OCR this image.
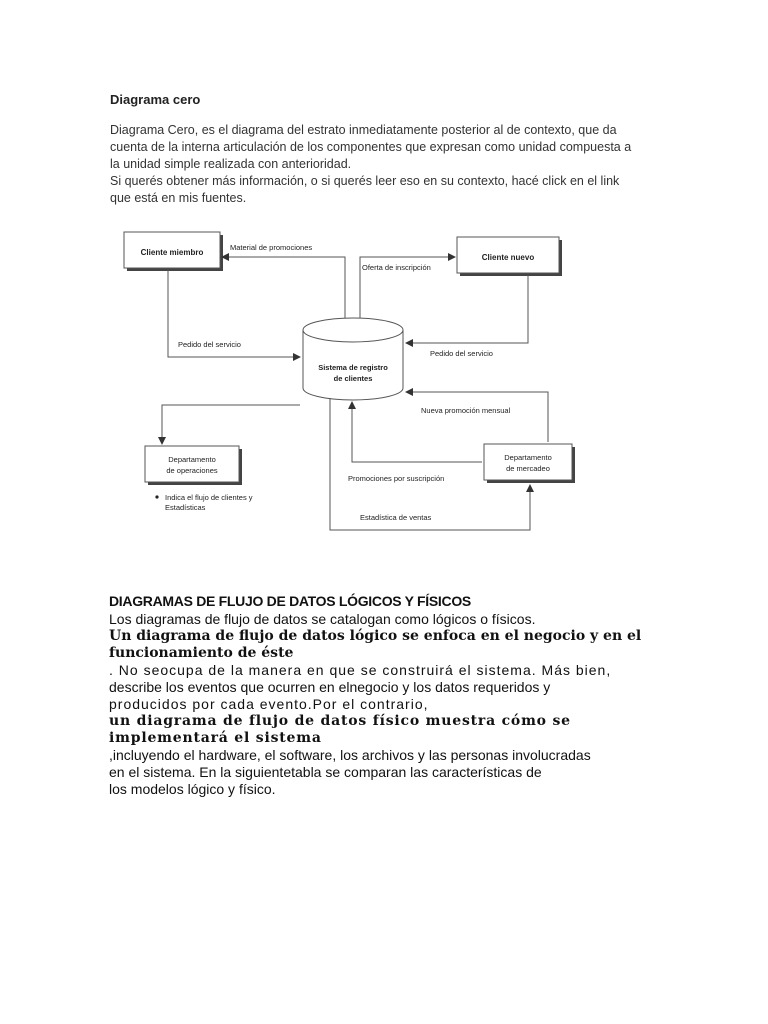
Diagrama cero

Diagrama Cero, es el diagrama del estrato inmediatamente posterior al de contexto, que da

cuenta de la interna articulación de los componentes que expresan como unidad compuesta a

la unidad simple realizada con anterioridad.

Si querés obtener más información, o si querés leer eso en su contexto, hacé click en el link

que está en mis fuentes.

Cliente miembro
Cliente nuevo
Departamento
de operaciones
Departamento
de mercadeo
Sistema de registro
de clientes
Material de promociones
Oferta de inscripción
Pedido del servicio
Pedido del servicio
Nueva promoción mensual
Promociones por suscripción
Estadística de ventas
Indica el flujo de clientes y
Estadísticas
DIAGRAMAS DE FLUJO DE DATOS LÓGICOS Y FÍSICOS

Los diagramas de flujo de datos se catalogan como lógicos o físicos.

Un diagrama de flujo de datos lógico se enfoca en el negocio y en el

funcionamiento de éste

. No seocupa de la manera en que se construirá el sistema. Más bien,

describe los eventos que ocurren en elnegocio y los datos requeridos y

producidos por cada evento.Por el contrario,

un diagrama de flujo de datos físico muestra cómo se

implementará el sistema

,incluyendo el hardware, el software, los archivos y las personas involucradas

en el sistema. En la siguientetabla se comparan las características de

los modelos lógico y físico.
